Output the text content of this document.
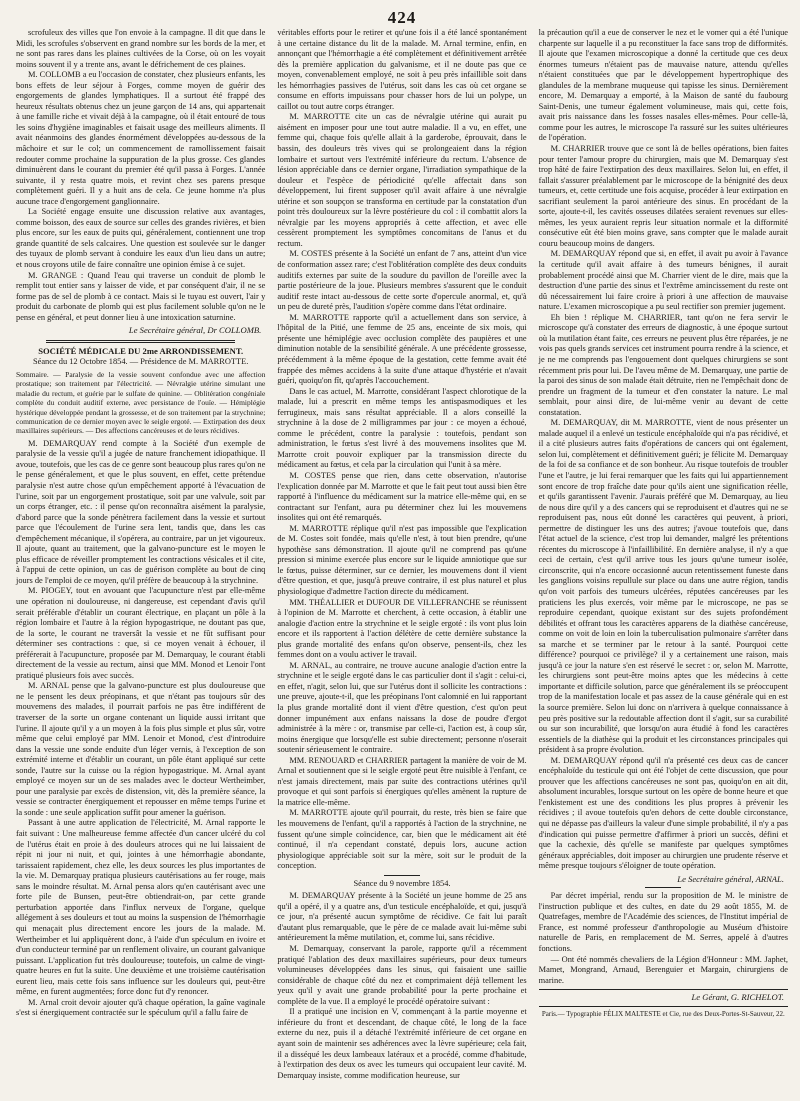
424

scrofuleux des villes que l'on envoie à la campagne. Il dit que dans le Midi, les scrofules s'observent en grand nombre sur les bords de la mer, et ne sont pas rares dans les plaines cultivées de la Corse, où on les voyait moins souvent il y a trente ans, avant le défrichement de ces plaines.

M. COLLOMB a eu l'occasion de constater, chez plusieurs enfants, les bons effets de leur séjour à Forges, comme moyen de guérir des engorgements de glandes lymphatiques. Il a surtout été frappé des heureux résultats obtenus chez un jeune garçon de 14 ans, qui appartenait à une famille riche et vivait déjà à la campagne, où il était entouré de tous les soins d'hygiène imaginables et faisait usage des meilleurs aliments. Il avait néanmoins des glandes énormément développées au-dessous de la mâchoire et sur le col; un commencement de ramollissement faisait redouter comme prochaine la suppuration de la plus grosse. Ces glandes diminuèrent dans le courant du premier été qu'il passa à Forges. L'année suivante, il y resta quatre mois, et revint chez ses parens presque complètement guéri. Il y a huit ans de cela. Ce jeune homme n'a plus aucune trace d'engorgement ganglionnaire.

La Société engage ensuite une discussion relative aux avantages, comme boisson, des eaux de source sur celles des grandes rivières, et bien plus encore, sur les eaux de puits qui, généralement, contiennent une trop grande quantité de sels calcaires. Une question est soulevée sur le danger des tuyaux de plomb servant à conduire les eaux d'un lieu dans un autre; et nous croyons utile de faire connaître une opinion émise à ce sujet.

M. GRANGE : Quand l'eau qui traverse un conduit de plomb le remplit tout entier sans y laisser de vide, et par conséquent d'air, il ne se forme pas de sel de plomb à ce contact. Mais si le tuyau est ouvert, l'air y produit du carbonate de plomb qui est plus facilement soluble qu'on ne le pense en général, et peut donner lieu à une intoxication saturnine.

Le Secrétaire général, Dr COLLOMB.

SOCIÉTÉ MÉDICALE DU 2me ARRONDISSEMENT.

Séance du 12 Octobre 1854. — Présidence de M. MARROTTE.

Sommaire. — Paralysie de la vessie souvent confondue avec une affection prostatique; son traitement par l'électricité. — Névralgie utérine simulant une maladie du rectum, et guérie par le sulfate de quinine. — Oblitération congéniale complète du conduit auditif externe, avec persistance de l'ouïe. — Hémiplégie hystérique développée pendant la grossesse, et de son traitement par la strychnine; communication de ce dernier moyen avec le seigle ergoté. — Extirpation des deux maxillaires supérieurs. — Des affections cancéreuses et de leurs récidives.

M. DEMARQUAY rend compte à la Société d'un exemple de paralysie de la vessie qu'il a jugée de nature franchement idiopathique. Il avoue, toutefois, que les cas de ce genre sont beaucoup plus rares qu'on ne le pense généralement, et que le plus souvent, en effet, cette prétendue paralysie n'est autre chose qu'un empêchement apporté à l'évacuation de l'urine, soit par un engorgement prostatique, soit par une valvule, soit par un corps étranger, etc. : il pense qu'on reconnaîtra aisément la paralysie, d'abord parce que la sonde pénètrera facilement dans la vessie et surtout parce que l'écoulement de l'urine sera lent, tandis que, dans les cas d'empêchement mécanique, il s'opérera, au contraire, par un jet vigoureux. Il ajoute, quant au traitement, que la galvano-puncture est le moyen le plus efficace de réveiller promptement les contractions vésicales et il cite, à l'appui de cette opinion, un cas de guérison complète au bout de cinq jours de l'emploi de ce moyen, qu'il préfère de beaucoup à la strychnine.

M. PIOGEY, tout en avouant que l'acupuncture n'est par elle-même une opération ni douloureuse, ni dangereuse, est cependant d'avis qu'il serait préférable d'établir un courant électrique, en plaçant un pôle à la région lombaire et l'autre à la région hypogastrique, ne doutant pas que, de la sorte, le courant ne traversât la vessie et ne fût suffisant pour déterminer ses contractions : que, si ce moyen venait à échouer, il préférerait à l'acupuncture, proposée par M. Demarquay, le courant établi directement de la vessie au rectum, ainsi que MM. Monod et Lenoir l'ont pratiqué plusieurs fois avec succès.

M. ARNAL pense que la galvano-puncture est plus douloureuse que ne le pensent les deux préopinans, et que n'étant pas toujours sûr des mouvemens des malades, il pourrait parfois ne pas être indifférent de traverser de la sorte un organe contenant un liquide aussi irritant que l'urine. Il ajoute qu'il y a un moyen à la fois plus simple et plus sûr, votre même que celui employé par MM. Lenoir et Monod, c'est d'introduire dans la vessie une sonde enduite d'un léger vernis, à l'exception de son extrémité interne et d'établir un courant, un pôle étant appliqué sur cette sonde, l'autre sur la cuisse ou la région hypogastrique. M. Arnal ayant employé ce moyen sur un de ses malades avec le docteur Wertheimber, pour une paralysie par excès de distension, vit, dès la première séance, la vessie se contracter énergiquement et repousser en même temps l'urine et la sonde : une seule application suffit pour amener la guérison.

Passant à une autre application de l'électricité, M. Arnal rapporte le fait suivant : Une malheureuse femme affectée d'un cancer ulcéré du col de l'utérus était en proie à des douleurs atroces qui ne lui laissaient de répit ni jour ni nuit, et qui, jointes à une hémorrhagie abondante, tarissaient rapidement, chez elle, les deux sources les plus importantes de la vie. M. Demarquay pratiqua plusieurs cautérisations au fer rouge, mais sans le moindre résultat. M. Arnal pensa alors qu'en cautérisant avec une forte pile de Bunsen, peut-être obtiendrait-on, par cette grande perturbation apportée dans l'influx nerveux de l'organe, quelque allégement à ses douleurs et tout au moins la suspension de l'hémorrhagie qui menaçait plus directement encore les jours de la malade. M. Wertheimber et lui appliquèrent donc, à l'aide d'un spéculum en ivoire et d'un conducteur terminé par un renflement olivaire, un courant galvanique puissant. L'application fut très douloureuse; toutefois, un calme de vingt-quatre heures en fut la suite. Une deuxième et une troisième cautérisation eurent lieu, mais cette fois sans influence sur les douleurs qui, peut-être même, en furent augmentées; force donc fut d'y renoncer.

M. Arnal croit devoir ajouter qu'à chaque opération, la gaîne vaginale s'est si énergiquement contractée sur le spéculum qu'il a fallu faire de

véritables efforts pour le retirer et qu'une fois il a été lancé spontanément à une certaine distance du lit de la malade. M. Arnal termine, enfin, en annonçant que l'hémorrhagie a été complètement et définitivement arrêtée dès la première application du galvanisme, et il ne doute pas que ce moyen, convenablement employé, ne soit à peu près infaillible soit dans les hémorrhagies passives de l'utérus, soit dans les cas où cet organe se consume en efforts impuissans pour chasser hors de lui un polype, un caillot ou tout autre corps étranger.

M. MARROTTE cite un cas de névralgie utérine qui aurait pu aisément en imposer pour une tout autre maladie. Il a vu, en effet, une femme qui, chaque fois qu'elle allait à la garderobe, éprouvait, dans le bassin, des douleurs très vives qui se prolongeaient dans la région lombaire et surtout vers l'extrémité inférieure du rectum. L'absence de lésion appréciable dans ce dernier organe, l'irradiation sympathique de la douleur et l'espèce de périodicité qu'elle affectait dans son développement, lui firent supposer qu'il avait affaire à une névralgie utérine et son soupçon se transforma en certitude par la constatation d'un point très douloureux sur la lèvre postérieure du col : il combattit alors la névralgie par les moyens appropriés à cette affection, et avec elle cessèrent promptement les symptômes concomitans de l'anus et du rectum.

M. COSTES présente à la Société un enfant de 7 ans, atteint d'un vice de conformation assez rare; c'est l'oblitération complète des deux conduits auditifs externes par suite de la soudure du pavillon de l'oreille avec la partie postérieure de la joue. Plusieurs membres s'assurent que le conduit auditif reste intact au-dessous de cette sorte d'opercule anormal, et, qu'à un peu de dureté près, l'audition s'opère comme dans l'état ordinaire.

M. MARROTTE rapporte qu'il a actuellement dans son service, à l'hôpital de la Pitié, une femme de 25 ans, enceinte de six mois, qui présente une hémiplégie avec occlusion complète des paupières et une diminution notable de la sensibilité générale. A une précédente grossesse, précédemment à la même époque de la gestation, cette femme avait été frappée des mêmes accidens à la suite d'une attaque d'hystérie et n'avait guéri, quoiqu'on fît, qu'après l'accouchement.

Dans le cas actuel, M. Marrotte, considérant l'aspect chlorotique de la malade, lui a prescrit en même temps les antispasmodiques et les ferrugineux, mais sans résultat appréciable. Il a alors conseillé la strychnine à la dose de 2 milligrammes par jour : ce moyen a échoué, comme le précédent, contre la paralysie : toutefois, pendant son administration, le fœtus s'est livré à des mouvemens insolites que M. Marrotte croit pouvoir expliquer par la transmission directe du médicament au fœtus, et cela par la circulation qui l'unit à sa mère.

M. COSTES pense que rien, dans cette observation, n'autorise l'explication donnée par M. Marrotte et que le fait peut tout aussi bien être rapporté à l'influence du médicament sur la matrice elle-même qui, en se contractant sur l'enfant, aura pu déterminer chez lui les mouvemens insolites qui ont été remarqués.

M. MARROTTE réplique qu'il n'est pas impossible que l'explication de M. Costes soit fondée, mais qu'elle n'est, à tout bien prendre, qu'une hypothèse sans démonstration. Il ajoute qu'il ne comprend pas qu'une pression si minime exercée plus encore sur le liquide amniotique que sur le fœtus, puisse déterminer, sur ce dernier, les mouvemens dont il vient d'être question, et que, jusqu'à preuve contraire, il est plus naturel et plus physiologique d'admettre l'action directe du médicament.

MM. THÉALLIER et DUFOUR DE VILLEFRANCHE se réunissent à l'opinion de M. Marrotte et cherchent, à cette occasion, à établir une analogie d'action entre la strychnine et le seigle ergoté : ils vont plus loin encore et ils rapportent à l'action délétère de cette dernière substance la plus grande mortalité des enfans qu'on observe, pensent-ils, chez les femmes dont on a voulu activer le travail.

M. ARNAL, au contraire, ne trouve aucune analogie d'action entre la strychnine et le seigle ergoté dans le cas particulier dont il s'agit : celui-ci, en effet, n'agit, selon lui, que sur l'utérus dont il sollicite les contractions : une preuve, ajoute-t-il, que les préopinans l'ont calomnié en lui rapportant la plus grande mortalité dont il vient d'être question, c'est qu'on peut donner impunément aux enfans naissans la dose de poudre d'ergot administrée à la mère : or, transmise par celle-ci, l'action est, à coup sûr, moins énergique que lorsqu'elle est subie directement; personne n'oserait soutenir sérieusement le contraire.

MM. RENOUARD et CHARRIER partagent la manière de voir de M. Arnal et soutiennent que si le seigle ergoté peut être nuisible à l'enfant, ce n'est jamais directement, mais par suite des contractions utérines qu'il provoque et qui sont parfois si énergiques qu'elles amènent la rupture de la matrice elle-même.

M. MARROTTE ajoute qu'il pourrait, du reste, très bien se faire que les mouvemens de l'enfant, qu'il a rapportés à l'action de la strychnine, ne fussent qu'une simple coïncidence, car, bien que le médicament ait été continué, il n'a cependant constaté, depuis lors, aucune action physiologique appréciable soit sur la mère, soit sur le produit de la conception.

Séance du 9 novembre 1854.

M. DEMARQUAY présente à la Société un jeune homme de 25 ans qu'il a opéré, il y a quatre ans, d'un testicule encéphaloïde, et qui, jusqu'à ce jour, n'a présenté aucun symptôme de récidive. Ce fait lui paraît d'autant plus remarquable, que le père de ce malade avait lui-même subi antérieurement la même mutilation, et, comme lui, sans récidive.

M. Demarquay, conservant la parole, rapporte qu'il a récemment pratiqué l'ablation des deux maxillaires supérieurs, pour deux tumeurs volumineuses développées dans les sinus, qui faisaient une saillie considérable de chaque côté du nez et comprimaient déjà tellement les yeux qu'il y avait une grande probabilité pour la perte prochaine et complète de la vue. Il a employé le procédé opératoire suivant :

Il a pratiqué une incision en V, commençant à la partie moyenne et inférieure du front et descendant, de chaque côté, le long de la face externe du nez, puis il a détaché l'extrémité inférieure de cet organe en ayant soin de maintenir ses adhérences avec la lèvre supérieure; cela fait, il a disséqué les deux lambeaux latéraux et a procédé, comme d'habitude, à l'extirpation des deux os avec les tumeurs qui occupaient leur cavité. M. Demarquay insiste, comme modification heureuse, sur

la précaution qu'il a eue de conserver le nez et le vomer qui a été l'unique charpente sur laquelle il a pu reconstituer la face sans trop de difformités. Il ajoute que l'examen microscopique a donné la certitude que ces deux énormes tumeurs n'étaient pas de mauvaise nature, attendu qu'elles n'étaient constituées que par le développement hypertrophique des glandules de la membrane muqueuse qui tapisse les sinus. Dernièrement encore, M. Demarquay a emporté, à la Maison de santé du faubourg Saint-Denis, une tumeur également volumineuse, mais qui, cette fois, avait pris naissance dans les fosses nasales elles-mêmes. Pour celle-là, comme pour les autres, le microscope l'a rassuré sur les suites ultérieures de l'opération.

M. CHARRIER trouve que ce sont là de belles opérations, bien faites pour tenter l'amour propre du chirurgien, mais que M. Demarquay s'est trop hâté de faire l'extirpation des deux maxillaires. Selon lui, en effet, il fallait s'assurer préalablement par le microscope de la bénignité des deux tumeurs, et, cette certitude une fois acquise, procéder à leur extirpation en sacrifiant seulement la paroi antérieure des sinus. En procédant de la sorte, ajoute-t-il, les cavités osseuses dilatées seraient revenues sur elles-mêmes, les yeux auraient repris leur situation normale et la difformité consécutive eût été bien moins grave, sans compter que le malade aurait couru beaucoup moins de dangers.

M. DEMARQUAY répond que si, en effet, il avait pu avoir à l'avance la certitude qu'il avait affaire à des tumeurs bénignes, il aurait probablement procédé ainsi que M. Charrier vient de le dire, mais que la destruction d'une partie des sinus et l'extrême amincissement du reste ont dû nécessairement lui faire croire à priori à une affection de mauvaise nature. L'examen microscopique a pu seul rectifier son premier jugement.

Eh bien ! réplique M. CHARRIER, tant qu'on ne fera servir le microscope qu'à constater des erreurs de diagnostic, à une époque surtout où la mutilation étant faite, ces erreurs ne peuvent plus être réparées, je ne vois pas quels grands services cet instrument pourra rendre à la science, et je ne me comprends pas l'engouement dont quelques chirurgiens se sont récemment pris pour lui. De l'aveu même de M. Demarquay, une partie de la paroi des sinus de son malade était détruite, rien ne l'empêchait donc de prendre un fragment de la tumeur et d'en constater la nature. Le mal semblait, pour ainsi dire, de lui-même venir au devant de cette constatation.

M. DEMARQUAY, dit M. MARROTTE, vient de nous présenter un malade auquel il a enlevé un testicule encéphaloïde qui n'a pas récidivé, et il a cité plusieurs autres faits d'opérations de cancers qui ont également, selon lui, complètement et définitivement guéri; je félicite M. Demarquay de la foi de sa confiance et de son bonheur. Au risque toutefois de troubler l'une et l'autre, je lui ferai remarquer que les faits qui lui appartiennement sont encore de trop fraîche date pour qu'ils aient une signification réelle, et qu'ils garantissent l'avenir. J'aurais préféré que M. Demarquay, au lieu de nous dire qu'il y a des cancers qui se reproduisent et d'autres qui ne se reproduisent pas, nous eût donné les caractères qui peuvent, à priori, permettre de distinguer les uns des autres; j'avoue toutefois que, dans l'état actuel de la science, c'est trop lui demander, malgré les prétentions récentes du microscope à l'infaillibilité. En dernière analyse, il n'y a que ceci de certain, c'est qu'il arrive tous les jours qu'une tumeur isolée, circonscrite, qui n'a encore occasionné aucun retentissement funeste dans les ganglions voisins repullule sur place ou dans une autre région, tandis qu'on voit parfois des tumeurs ulcérées, réputées cancéreuses par les praticiens les plus exercés, voir même par le microscope, ne pas se reproduire cependant, quoique existant sur des sujets profondément débilités et offrant tous les caractères apparens de la diathèse cancéreuse, comme on voit de loin en loin la tuberculisation pulmonaire s'arrêter dans sa marche et se terminer par le retour à la santé. Pourquoi cette différence? pourquoi ce privilège? il y a certainement une raison, mais jusqu'à ce jour la nature s'en est réservé le secret : or, selon M. Marrotte, les chirurgiens sont peut-être moins aptes que les médecins à cette importante et difficile solution, parce que généralement ils se préoccupent trop de la manifestation locale et pas assez de la cause générale qui en est la source première. Selon lui donc on n'arrivera à quelque connaissance à peu près positive sur la redoutable affection dont il s'agit, sur sa curabilité ou sur son incurabilité, que lorsqu'on aura étudié à fond les caractères essentiels de la diathèse qui la produit et les circonstances principales qui président à sa propre évolution.

M. DEMARQUAY répond qu'il n'a présenté ces deux cas de cancer encéphaloïde du testicule qui ont été l'objet de cette discussion, que pour prouver que les affections cancéreuses ne sont pas, quoiqu'on en ait dit, absolument incurables, lorsque surtout on les opère de bonne heure et que l'enkistement est une des conditions les plus propres à prévenir les récidives ; il avoue toutefois qu'en dehors de cette double circonstance, qui ne dépasse pas d'ailleurs la valeur d'une simple probabilité, il n'y a pas d'indication qui puisse permettre d'affirmer à priori un succès, défini et que la cachexie, dès qu'elle se manifeste par quelques symptômes généraux appréciables, doit imposer au chirurgien une prudente réserve et même presque toujours s'éloigner de toute opération.

Le Secrétaire général, ARNAL.

Par décret impérial, rendu sur la proposition de M. le ministre de l'instruction publique et des cultes, en date du 29 août 1855, M. de Quatrefages, membre de l'Académie des sciences, de l'Institut impérial de France, est nommé professeur d'anthropologie au Muséum d'histoire naturelle de Paris, en remplacement de M. Serres, appelé à d'autres fonctions.

— Ont été nommés chevaliers de la Légion d'Honneur : MM. Japhet, Mamet, Mongrand, Arnaud, Berenguier et Margain, chirurgiens de marine.

Le Gérant, G. RICHELOT.

Paris.— Typographie FÉLIX MALTESTE et Cie, rue des Deux-Portes-St-Sauveur, 22.
